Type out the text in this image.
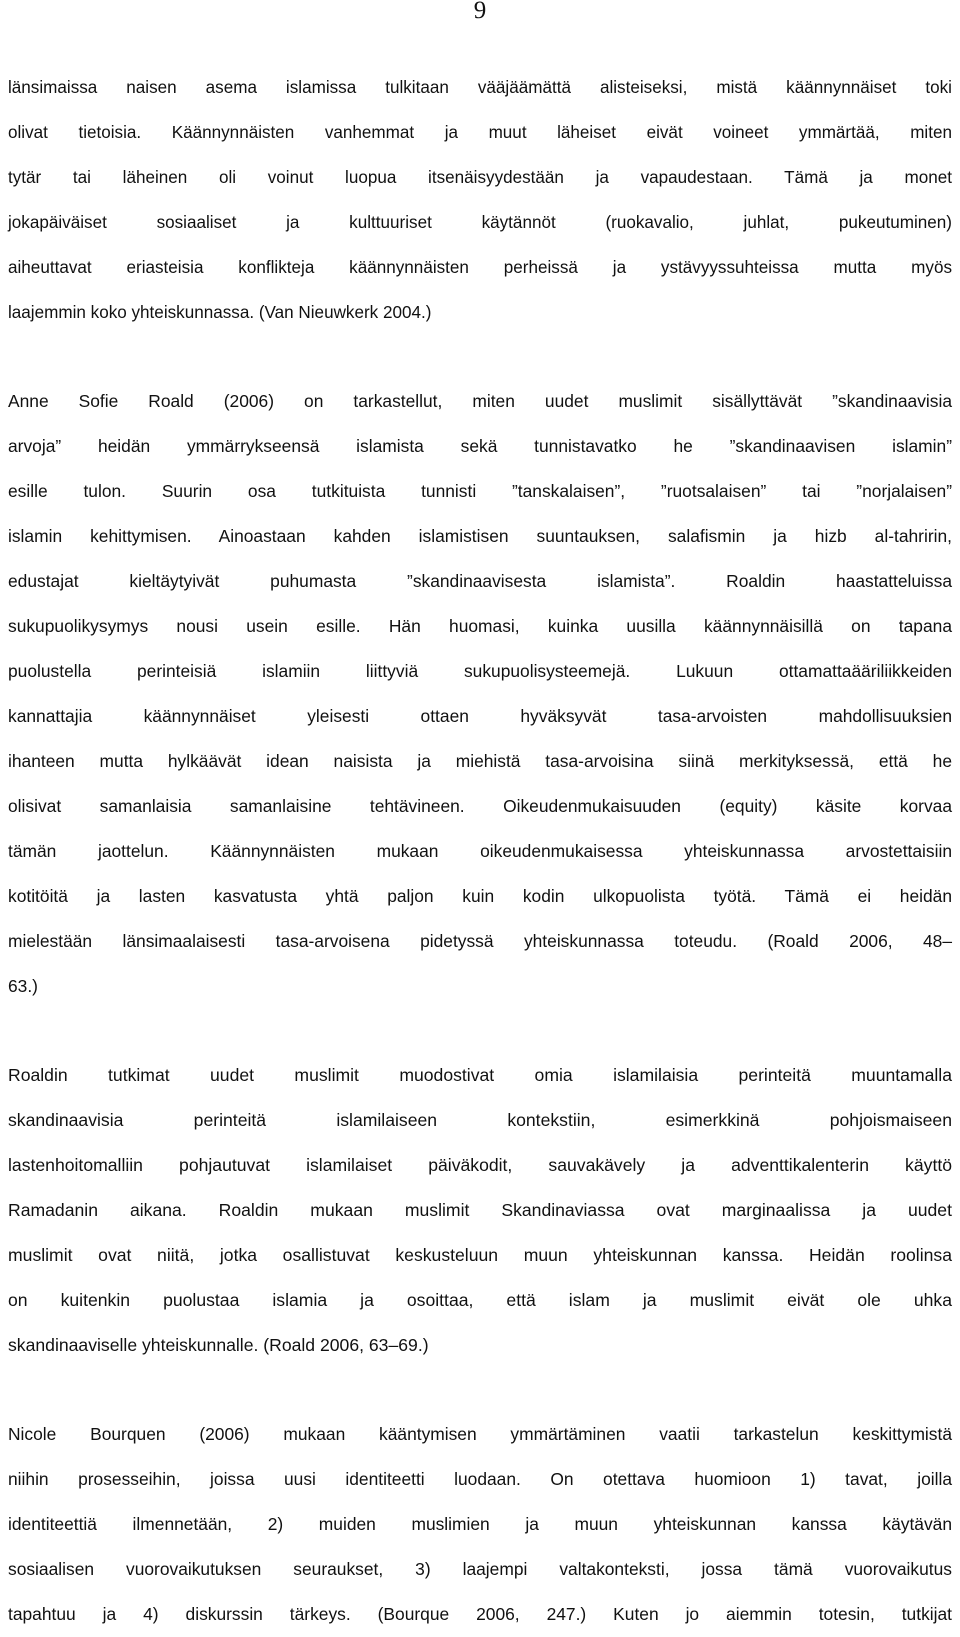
9

länsimaissa naisen asema islamissa tulkitaan vääjäämättä alisteiseksi, mistä käännynnäiset toki
olivat tietoisia. Käännynnäisten vanhemmat ja muut läheiset eivät voineet ymmärtää, miten
tytär tai läheinen oli voinut luopua itsenäisyydestään ja vapaudestaan. Tämä ja monet
jokapäiväiset sosiaaliset ja kulttuuriset käytännöt (ruokavalio, juhlat, pukeutuminen)
aiheuttavat eriasteisia konflikteja käännynnäisten perheissä ja ystävyyssuhteissa mutta myös
laajemmin koko yhteiskunnassa. (Van Nieuwkerk 2004.)

Anne Sofie Roald (2006) on tarkastellut, miten uudet muslimit sisällyttävät ”skandinaavisia
arvoja” heidän ymmärrykseensä islamista sekä tunnistavatko he ”skandinaavisen islamin”
esille tulon. Suurin osa tutkituista tunnisti ”tanskalaisen”, ”ruotsalaisen” tai ”norjalaisen”
islamin kehittymisen. Ainoastaan kahden islamistisen suuntauksen, salafismin ja hizb al-tahririn,
edustajat kieltäytyivät puhumasta ”skandinaavisesta islamista”. Roaldin haastatteluissa
sukupuolikysymys nousi usein esille. Hän huomasi, kuinka uusilla käännynnäisillä on tapana
puolustella perinteisiä islamiin liittyviä sukupuolisysteemejä. Lukuun ottamattaääriliikkeiden
kannattajia käännynnäiset yleisesti ottaen hyväksyvät tasa-arvoisten mahdollisuuksien
ihanteen mutta hylkäävät idean naisista ja miehistä tasa-arvoisina siinä merkityksessä, että he
olisivat samanlaisia samanlaisine tehtävineen. Oikeudenmukaisuuden (equity) käsite korvaa
tämän jaottelun. Käännynnäisten mukaan oikeudenmukaisessa yhteiskunnassa arvostettaisiin
kotitöitä ja lasten kasvatusta yhtä paljon kuin kodin ulkopuolista työtä. Tämä ei heidän
mielestään länsimaalaisesti tasa-arvoisena pidetyssä yhteiskunnassa toteudu. (Roald 2006, 48–
63.)

Roaldin tutkimat uudet muslimit muodostivat omia islamilaisia perinteitä muuntamalla
skandinaavisia perinteitä islamilaiseen kontekstiin, esimerkkinä pohjoismaiseen
lastenhoitomalliin pohjautuvat islamilaiset päiväkodit, sauvakävely ja adventtikalenterin käyttö
Ramadanin aikana. Roaldin mukaan muslimit Skandinaviassa ovat marginaalissa ja uudet
muslimit ovat niitä, jotka osallistuvat keskusteluun muun yhteiskunnan kanssa. Heidän roolinsa
on kuitenkin puolustaa islamia ja osoittaa, että islam ja muslimit eivät ole uhka
skandinaaviselle yhteiskunnalle. (Roald 2006, 63–69.)

Nicole Bourquen (2006) mukaan kääntymisen ymmärtäminen vaatii tarkastelun keskittymistä
niihin prosesseihin, joissa uusi identiteetti luodaan. On otettava huomioon 1) tavat, joilla
identiteettiä ilmennetään, 2) muiden muslimien ja muun yhteiskunnan kanssa käytävän
sosiaalisen vuorovaikutuksen seuraukset, 3) laajempi valtakonteksti, jossa tämä vuorovaikutus
tapahtuu ja 4) diskurssin tärkeys. (Bourque 2006, 247.) Kuten jo aiemmin totesin, tutkijat
